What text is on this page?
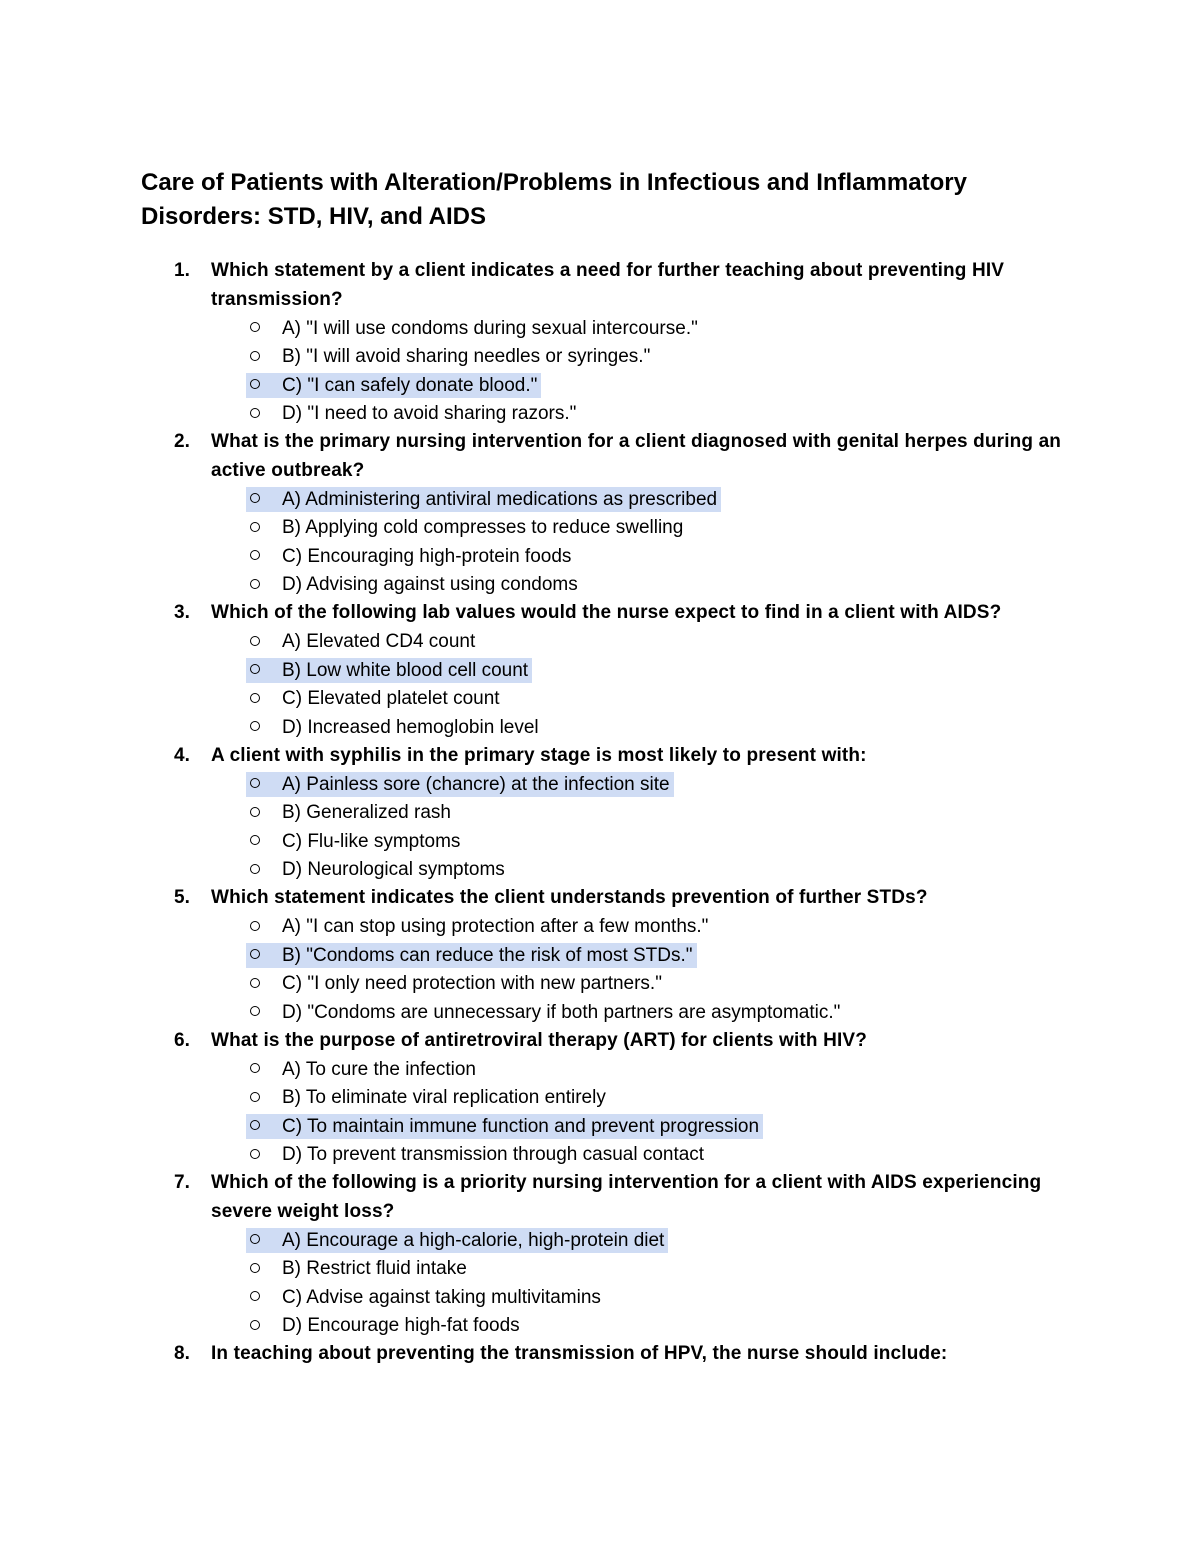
Care of Patients with Alteration/Problems in Infectious and Inflammatory Disorders: STD, HIV, and AIDS
1. Which statement by a client indicates a need for further teaching about preventing HIV transmission?

A) "I will use condoms during sexual intercourse."
B) "I will avoid sharing needles or syringes."
C) "I can safely donate blood."
D) "I need to avoid sharing razors."
2. What is the primary nursing intervention for a client diagnosed with genital herpes during an active outbreak?

A) Administering antiviral medications as prescribed
B) Applying cold compresses to reduce swelling
C) Encouraging high-protein foods
D) Advising against using condoms
3. Which of the following lab values would the nurse expect to find in a client with AIDS?

A) Elevated CD4 count
B) Low white blood cell count
C) Elevated platelet count
D) Increased hemoglobin level
4. A client with syphilis in the primary stage is most likely to present with:

A) Painless sore (chancre) at the infection site
B) Generalized rash
C) Flu-like symptoms
D) Neurological symptoms
5. Which statement indicates the client understands prevention of further STDs?

A) "I can stop using protection after a few months."
B) "Condoms can reduce the risk of most STDs."
C) "I only need protection with new partners."
D) "Condoms are unnecessary if both partners are asymptomatic."
6. What is the purpose of antiretroviral therapy (ART) for clients with HIV?

A) To cure the infection
B) To eliminate viral replication entirely
C) To maintain immune function and prevent progression
D) To prevent transmission through casual contact
7. Which of the following is a priority nursing intervention for a client with AIDS experiencing severe weight loss?

A) Encourage a high-calorie, high-protein diet
B) Restrict fluid intake
C) Advise against taking multivitamins
D) Encourage high-fat foods
8. In teaching about preventing the transmission of HPV, the nurse should include:
